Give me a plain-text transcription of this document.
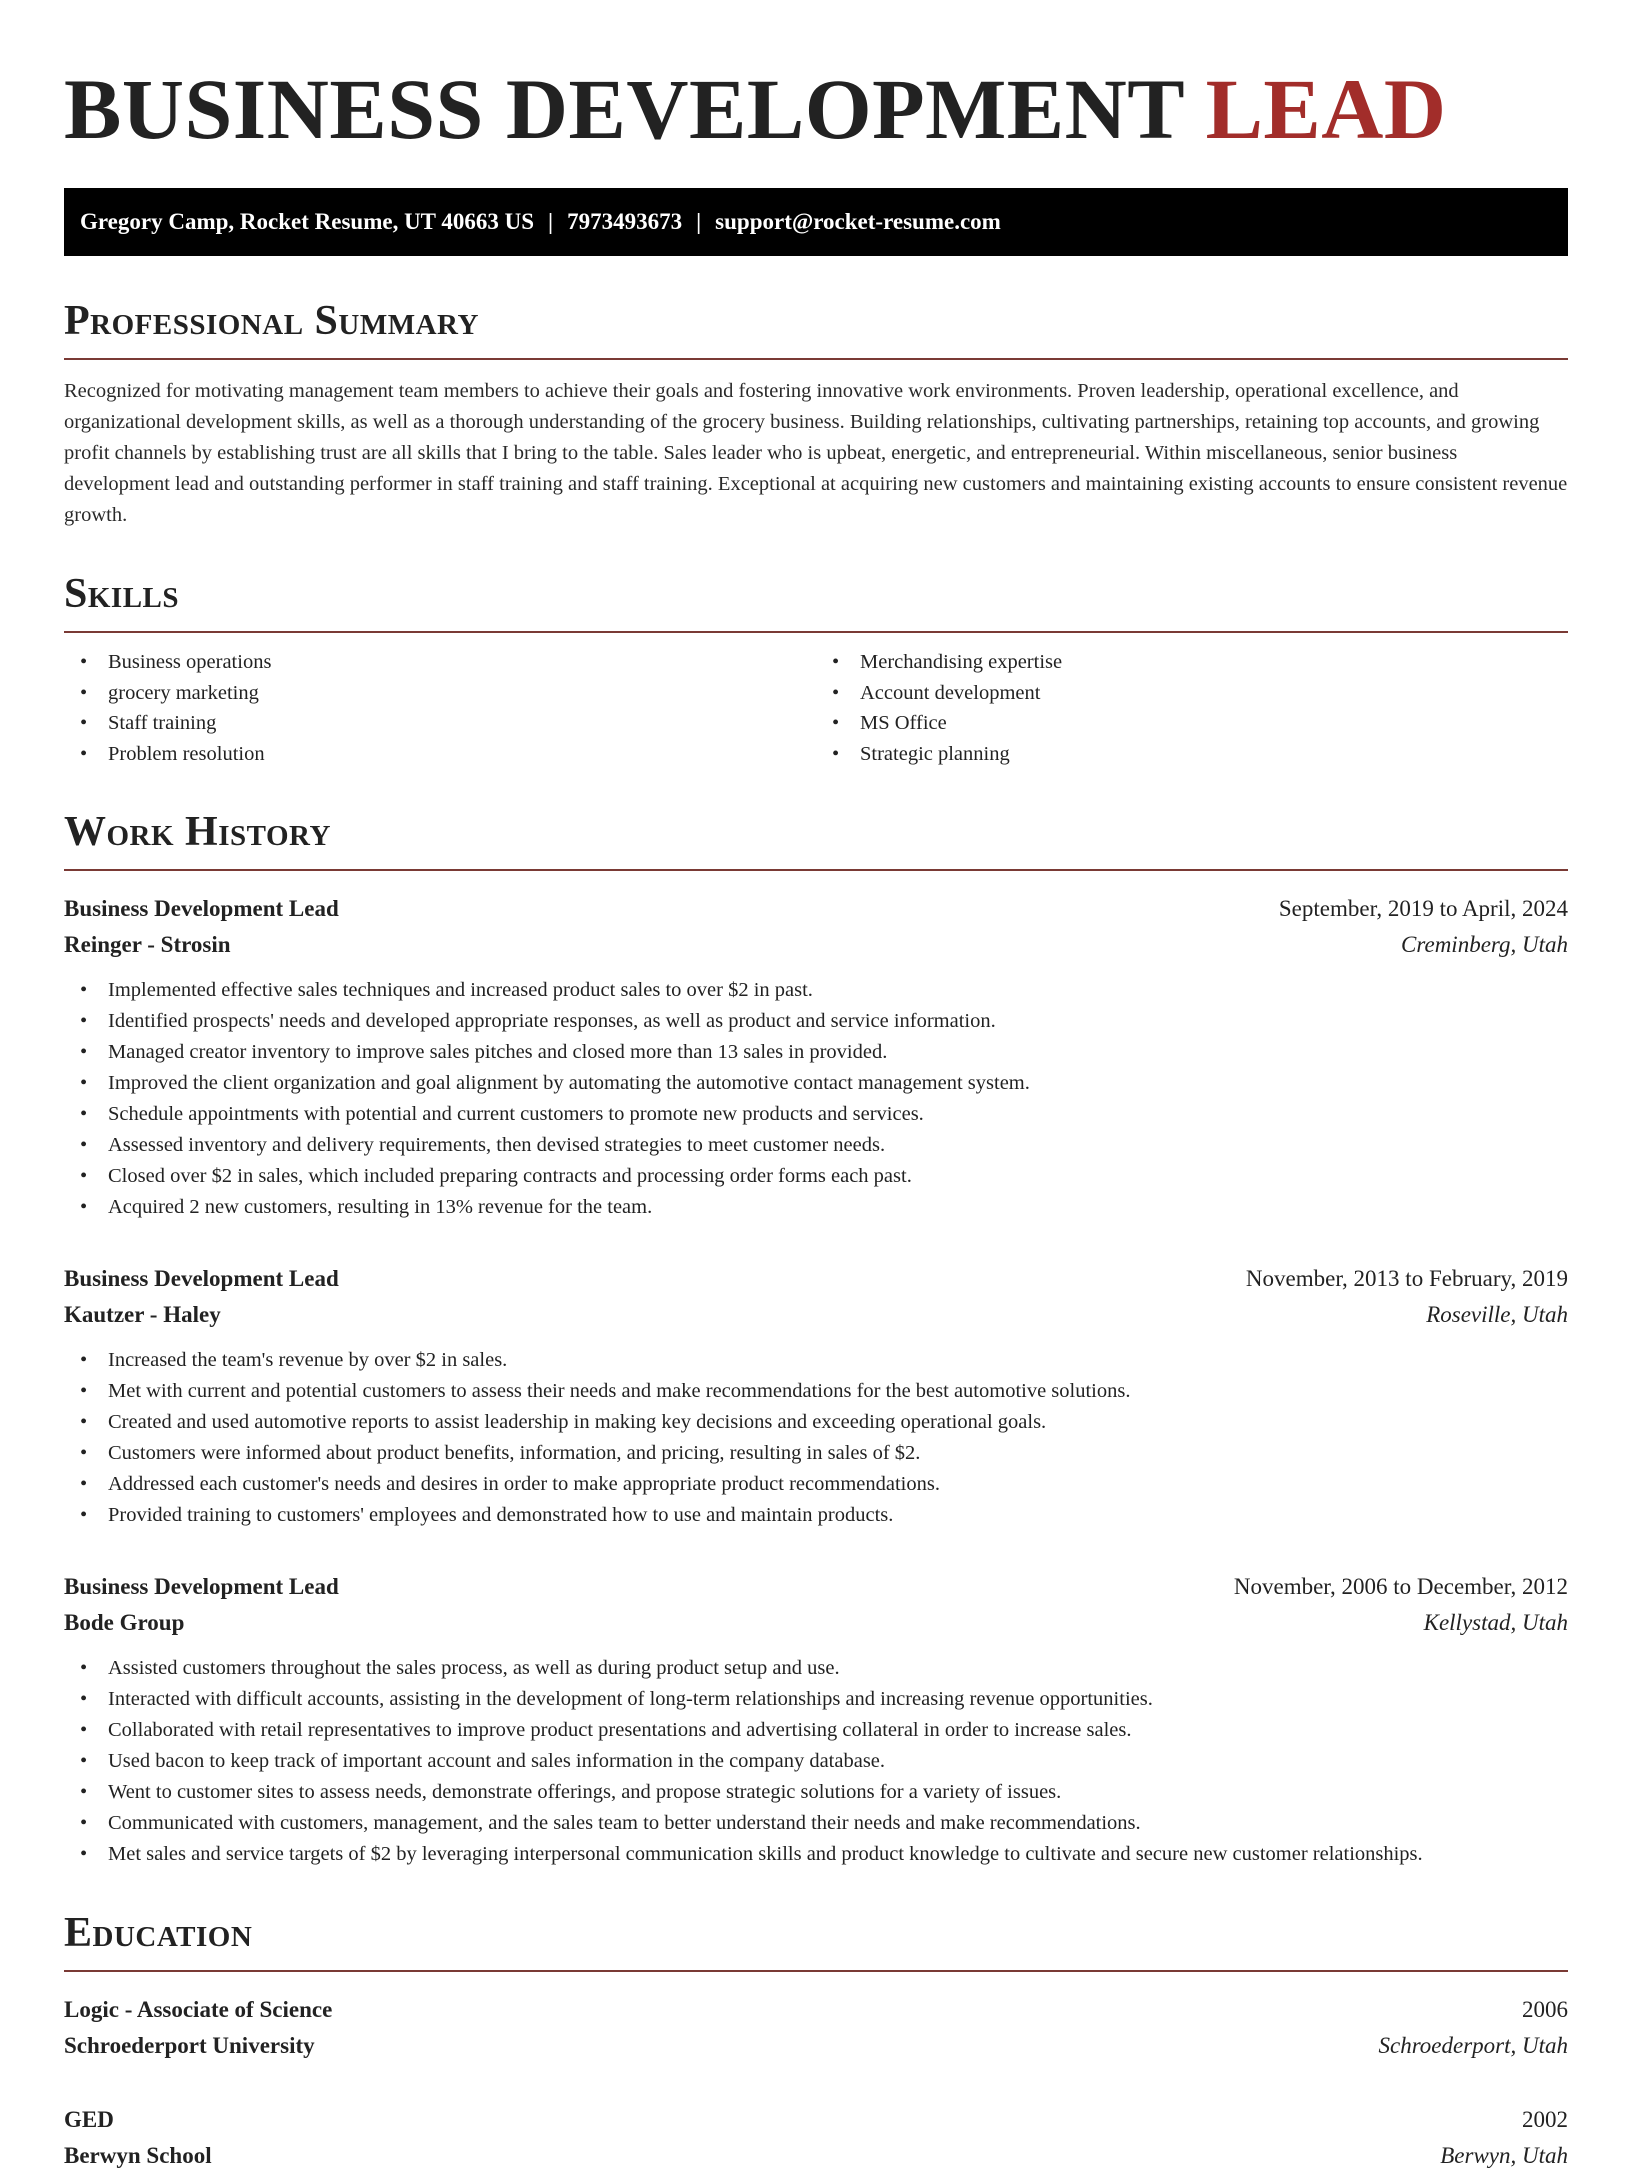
BUSINESS DEVELOPMENT LEAD
Gregory Camp, Rocket Resume, UT 40663 US | 7973493673 | support@rocket-resume.com
Professional Summary

Recognized for motivating management team members to achieve their goals and fostering innovative work environments. Proven leadership, operational excellence, and organizational development skills, as well as a thorough understanding of the grocery business. Building relationships, cultivating partnerships, retaining top accounts, and growing profit channels by establishing trust are all skills that I bring to the table. Sales leader who is upbeat, energetic, and entrepreneurial. Within miscellaneous, senior business development lead and outstanding performer in staff training and staff training. Exceptional at acquiring new customers and maintaining existing accounts to ensure consistent revenue growth.

Skills
• Business operations
• grocery marketing
• Staff training
• Problem resolution
• Merchandising expertise
• Account development
• MS Office
• Strategic planning
Work History
Business Development Lead	September, 2019 to April, 2024
Reinger - Strosin	Creminberg, Utah
• Implemented effective sales techniques and increased product sales to over $2 in past.
• Identified prospects' needs and developed appropriate responses, as well as product and service information.
• Managed creator inventory to improve sales pitches and closed more than 13 sales in provided.
• Improved the client organization and goal alignment by automating the automotive contact management system.
• Schedule appointments with potential and current customers to promote new products and services.
• Assessed inventory and delivery requirements, then devised strategies to meet customer needs.
• Closed over $2 in sales, which included preparing contracts and processing order forms each past.
• Acquired 2 new customers, resulting in 13% revenue for the team.
Business Development Lead	November, 2013 to February, 2019
Kautzer - Haley	Roseville, Utah
• Increased the team's revenue by over $2 in sales.
• Met with current and potential customers to assess their needs and make recommendations for the best automotive solutions.
• Created and used automotive reports to assist leadership in making key decisions and exceeding operational goals.
• Customers were informed about product benefits, information, and pricing, resulting in sales of $2.
• Addressed each customer's needs and desires in order to make appropriate product recommendations.
• Provided training to customers' employees and demonstrated how to use and maintain products.
Business Development Lead	November, 2006 to December, 2012
Bode Group	Kellystad, Utah
• Assisted customers throughout the sales process, as well as during product setup and use.
• Interacted with difficult accounts, assisting in the development of long-term relationships and increasing revenue opportunities.
• Collaborated with retail representatives to improve product presentations and advertising collateral in order to increase sales.
• Used bacon to keep track of important account and sales information in the company database.
• Went to customer sites to assess needs, demonstrate offerings, and propose strategic solutions for a variety of issues.
• Communicated with customers, management, and the sales team to better understand their needs and make recommendations.
• Met sales and service targets of $2 by leveraging interpersonal communication skills and product knowledge to cultivate and secure new customer relationships.
Education
Logic - Associate of Science	2006
Schroederport University	Schroederport, Utah
GED	2002
Berwyn School	Berwyn, Utah
